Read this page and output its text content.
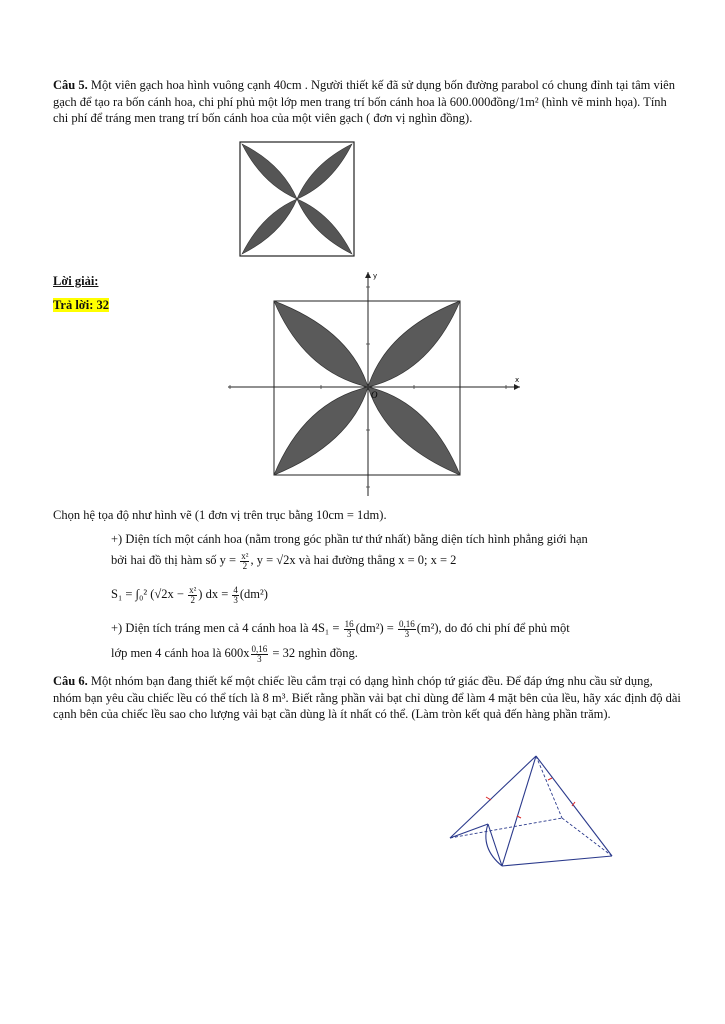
Câu 5. Một viên gạch hoa hình vuông cạnh 40cm . Người thiết kế đã sử dụng bốn đường parabol có chung đỉnh tại tâm viên gạch để tạo ra bốn cánh hoa, chi phí phủ một lớp men trang trí bốn cánh hoa là 600.000đồng/1m² (hình vẽ minh họa). Tính chi phí để tráng men trang trí bốn cánh hoa của một viên gạch ( đơn vị nghìn đồng).
Lời giải:
Trả lời: 32
y
x
O
Chọn hệ tọa độ như hình vẽ (1 đơn vị trên trục bằng 10cm = 1dm).
+) Diện tích một cánh hoa (nằm trong góc phần tư thứ nhất) bằng diện tích hình phẳng giới hạn
bởi hai đồ thị hàm số $y = \frac{\text{x²}}{2}$ , y = √2x và hai đường thẳng x = 0; x = 2
S₁ = ∫₀² ($√2x - \frac{\text{x²}}{2}$ ) dx = $\frac{4}{3} (dm^2)$
+) Diện tích tráng men cả 4 cánh hoa là $4S_1 = \frac{16}{3} (dm^2) = \frac{0,16}{3} (m^2)$, do đó chi phí để phủ một
lớp men 4 cánh hoa là $600x \frac{0,16}{3} = 32$ nghìn đồng.
Câu 6. Một nhóm bạn đang thiết kế một chiếc lều cắm trại có dạng hình chóp tứ giác đều. Để đáp ứng nhu cầu sử dụng, nhóm bạn yêu cầu chiếc lều có thể tích là 8 m³. Biết rằng phần vải bạt chỉ dùng để làm 4 mặt bên của lều, hãy xác định độ dài cạnh bên của chiếc lều sao cho lượng vải bạt cần dùng là ít nhất có thể. (Làm tròn kết quả đến hàng phần trăm).
